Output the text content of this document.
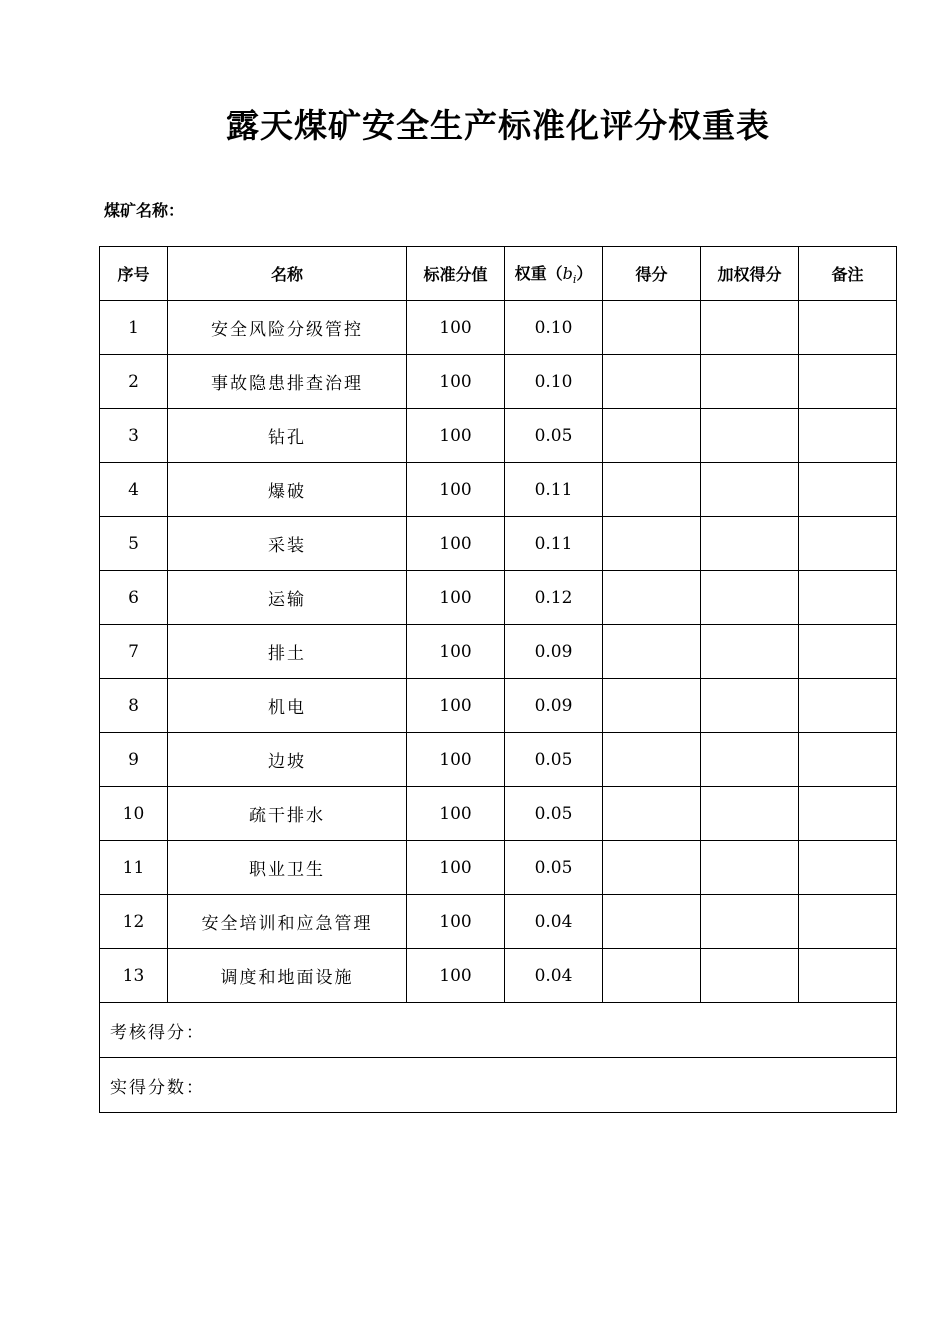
露天煤矿安全生产标准化评分权重表
煤矿名称：
序号	名称	标准分值	权重$(b_i)$	得分	加权得分	备注
1	安全风险分级管控	100	0.10			
2	事故隐患排查治理	100	0.10			
3	钻孔	100	0.05			
4	爆破	100	0.11			
5	采装	100	0.11			
6	运输	100	0.12			
7	排土	100	0.09			
8	机电	100	0.09			
9	边坡	100	0.05			
10	疏干排水	100	0.05			
11	职业卫生	100	0.05			
12	安全培训和应急管理	100	0.04			
13	调度和地面设施	100	0.04			
考核得分：						
实得分数：						
